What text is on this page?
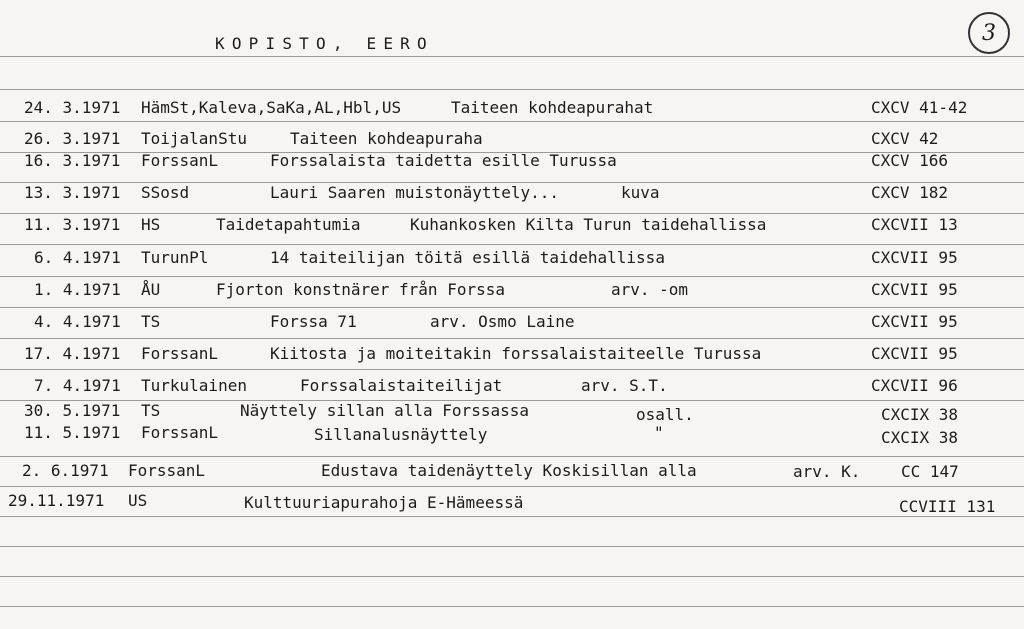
KOPISTO, EERO	3
24. 3.1971 HämSt,Kaleva,SaKa,AL,Hbl,US	Taiteen kohdeapurahat	CXCV 41-42
26. 3.1971 ToijalanStu	Taiteen kohdeapuraha	CXCV 42
16. 3.1971 ForssanL	Forssalaista taidetta esille Turussa	CXCV 166
13. 3.1971 SSosd	Lauri Saaren muistonäyttely...	kuva	CXCV 182
11. 3.1971 HS	Taidetapahtumia	Kuhankosken Kilta Turun taidehallissa	CXCVII 13
6. 4.1971 TurunPl	14 taiteilijan töitä esillä taidehallissa	CXCVII 95
1. 4.1971 ÅU	Fjorton konstnärer från Forssa	arv. -om	CXCVII 95
4. 4.1971 TS	Forssa 71	arv. Osmo Laine	CXCVII 95
17. 4.1971 ForssanL	Kiitosta ja moiteitakin forssalaistaiteelle Turussa	CXCVII 95
7. 4.1971 Turkulainen	Forssalaistaiteilijat	arv. S.T.	CXCVII 96
30. 5.1971 TS	Näyttely sillan alla Forssassa	osall.	CXCIX 38
11. 5.1971 ForssanL	Sillanalusnäyttely	"	CXCIX 38
2. 6.1971 ForssanL	Edustava taidenäyttely Koskisillan alla	arv. K.	CC 147
29.11.1971 US	Kulttuuriapurahoja E-Hämeessä	CCVIII 131
